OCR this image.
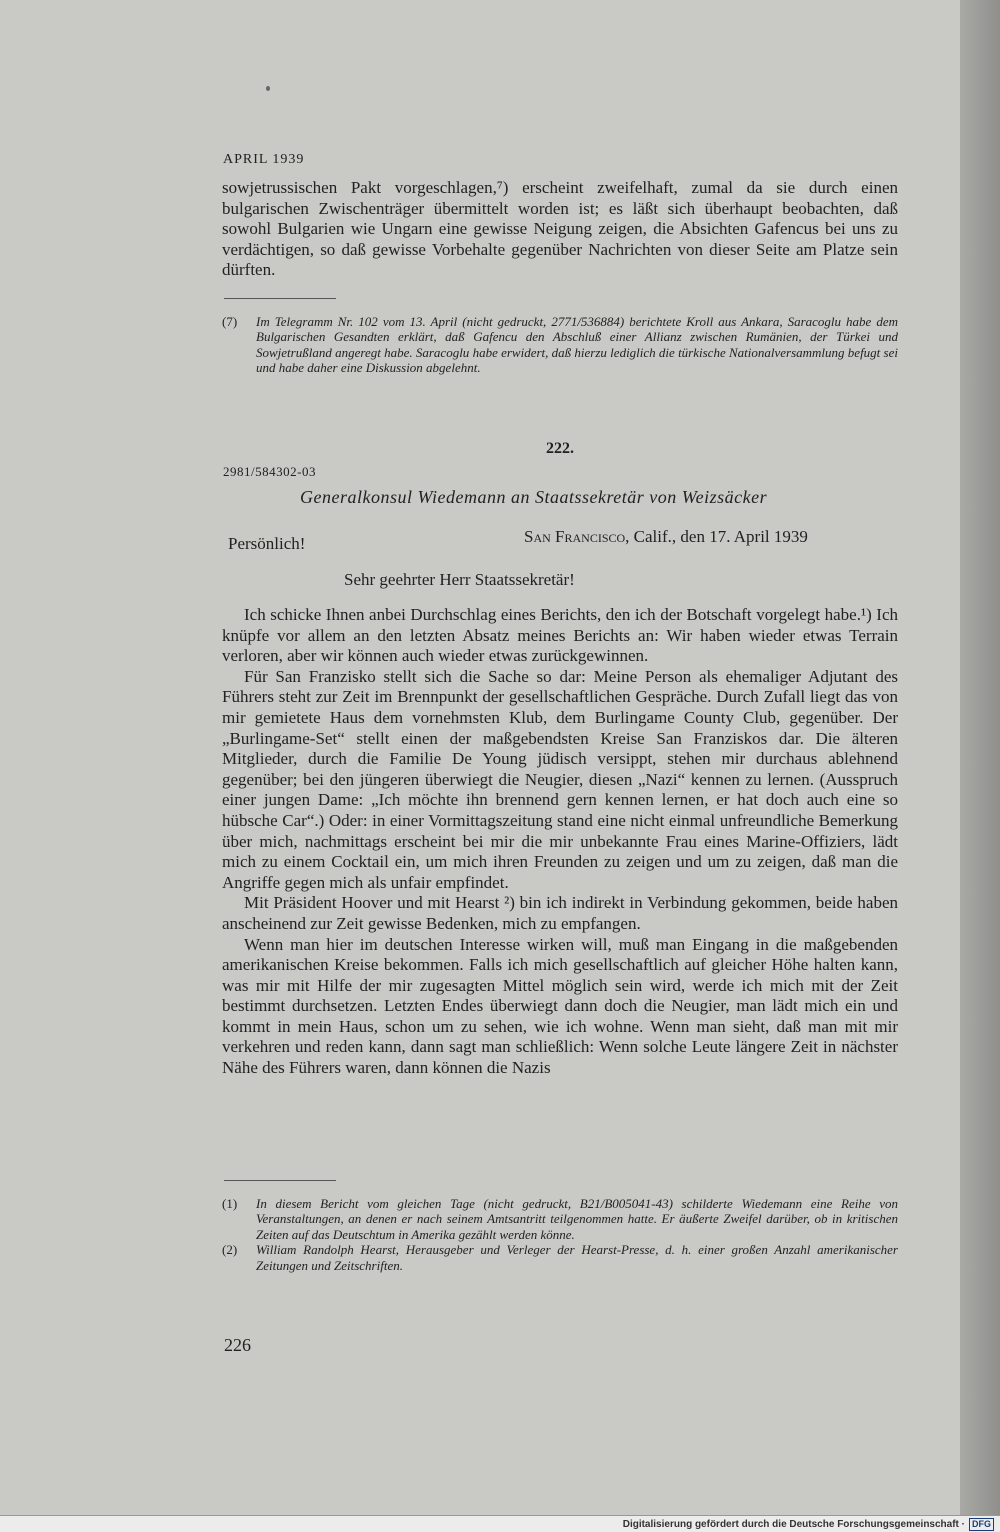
APRIL 1939
sowjetrussischen Pakt vorgeschlagen,⁷) erscheint zweifelhaft, zumal da sie durch einen bulgarischen Zwischenträger übermittelt worden ist; es läßt sich überhaupt beobachten, daß sowohl Bulgarien wie Ungarn eine gewisse Neigung zeigen, die Absichten Gafencus bei uns zu verdächtigen, so daß gewisse Vorbehalte gegenüber Nachrichten von dieser Seite am Platze sein dürften.

(7)	Im Telegramm Nr. 102 vom 13. April (nicht gedruckt, 2771/536884) berichtete Kroll aus Ankara, Saracoglu habe dem Bulgarischen Gesandten erklärt, daß Gafencu den Abschluß einer Allianz zwischen Rumänien, der Türkei und Sowjetrußland angeregt habe. Saracoglu habe erwidert, daß hierzu lediglich die türkische Nationalversammlung befugt sei und habe daher eine Diskussion abgelehnt.

222.
2981/584302-03
Generalkonsul Wiedemann an Staatssekretär von Weizsäcker
Persönlich!	San Francisco, Calif., den 17. April 1939
Sehr geehrter Herr Staatssekretär!

Ich schicke Ihnen anbei Durchschlag eines Berichts, den ich der Botschaft vorgelegt habe.¹) Ich knüpfe vor allem an den letzten Absatz meines Berichts an: Wir haben wieder etwas Terrain verloren, aber wir können auch wieder etwas zurückgewinnen.

Für San Franzisko stellt sich die Sache so dar: Meine Person als ehemaliger Adjutant des Führers steht zur Zeit im Brennpunkt der gesellschaftlichen Gespräche. Durch Zufall liegt das von mir gemietete Haus dem vornehmsten Klub, dem Burlingame County Club, gegenüber. Der „Burlingame-Set“ stellt einen der maßgebendsten Kreise San Franziskos dar. Die älteren Mitglieder, durch die Familie De Young jüdisch versippt, stehen mir durchaus ablehnend gegenüber; bei den jüngeren überwiegt die Neugier, diesen „Nazi“ kennen zu lernen. (Ausspruch einer jungen Dame: „Ich möchte ihn brennend gern kennen lernen, er hat doch auch eine so hübsche Car“.) Oder: in einer Vormittagszeitung stand eine nicht einmal unfreundliche Bemerkung über mich, nachmittags erscheint bei mir die mir unbekannte Frau eines Marine-Offiziers, lädt mich zu einem Cocktail ein, um mich ihren Freunden zu zeigen und um zu zeigen, daß man die Angriffe gegen mich als unfair empfindet.

Mit Präsident Hoover und mit Hearst ²) bin ich indirekt in Verbindung gekommen, beide haben anscheinend zur Zeit gewisse Bedenken, mich zu empfangen.

Wenn man hier im deutschen Interesse wirken will, muß man Eingang in die maßgebenden amerikanischen Kreise bekommen. Falls ich mich gesellschaftlich auf gleicher Höhe halten kann, was mir mit Hilfe der mir zugesagten Mittel möglich sein wird, werde ich mich mit der Zeit bestimmt durchsetzen. Letzten Endes überwiegt dann doch die Neugier, man lädt mich ein und kommt in mein Haus, schon um zu sehen, wie ich wohne. Wenn man sieht, daß man mit mir verkehren und reden kann, dann sagt man schließlich: Wenn solche Leute längere Zeit in nächster Nähe des Führers waren, dann können die Nazis

(1)	In diesem Bericht vom gleichen Tage (nicht gedruckt, B21/B005041-43) schilderte Wiedemann eine Reihe von Veranstaltungen, an denen er nach seinem Amtsantritt teilgenommen hatte. Er äußerte Zweifel darüber, ob in kritischen Zeiten auf das Deutschtum in Amerika gezählt werden könne.

(2)	William Randolph Hearst, Herausgeber und Verleger der Hearst-Presse, d. h. einer großen Anzahl amerikanischer Zeitungen und Zeitschriften.

226
Digitalisierung gefördert durch die Deutsche Forschungsgemeinschaft · DFG
